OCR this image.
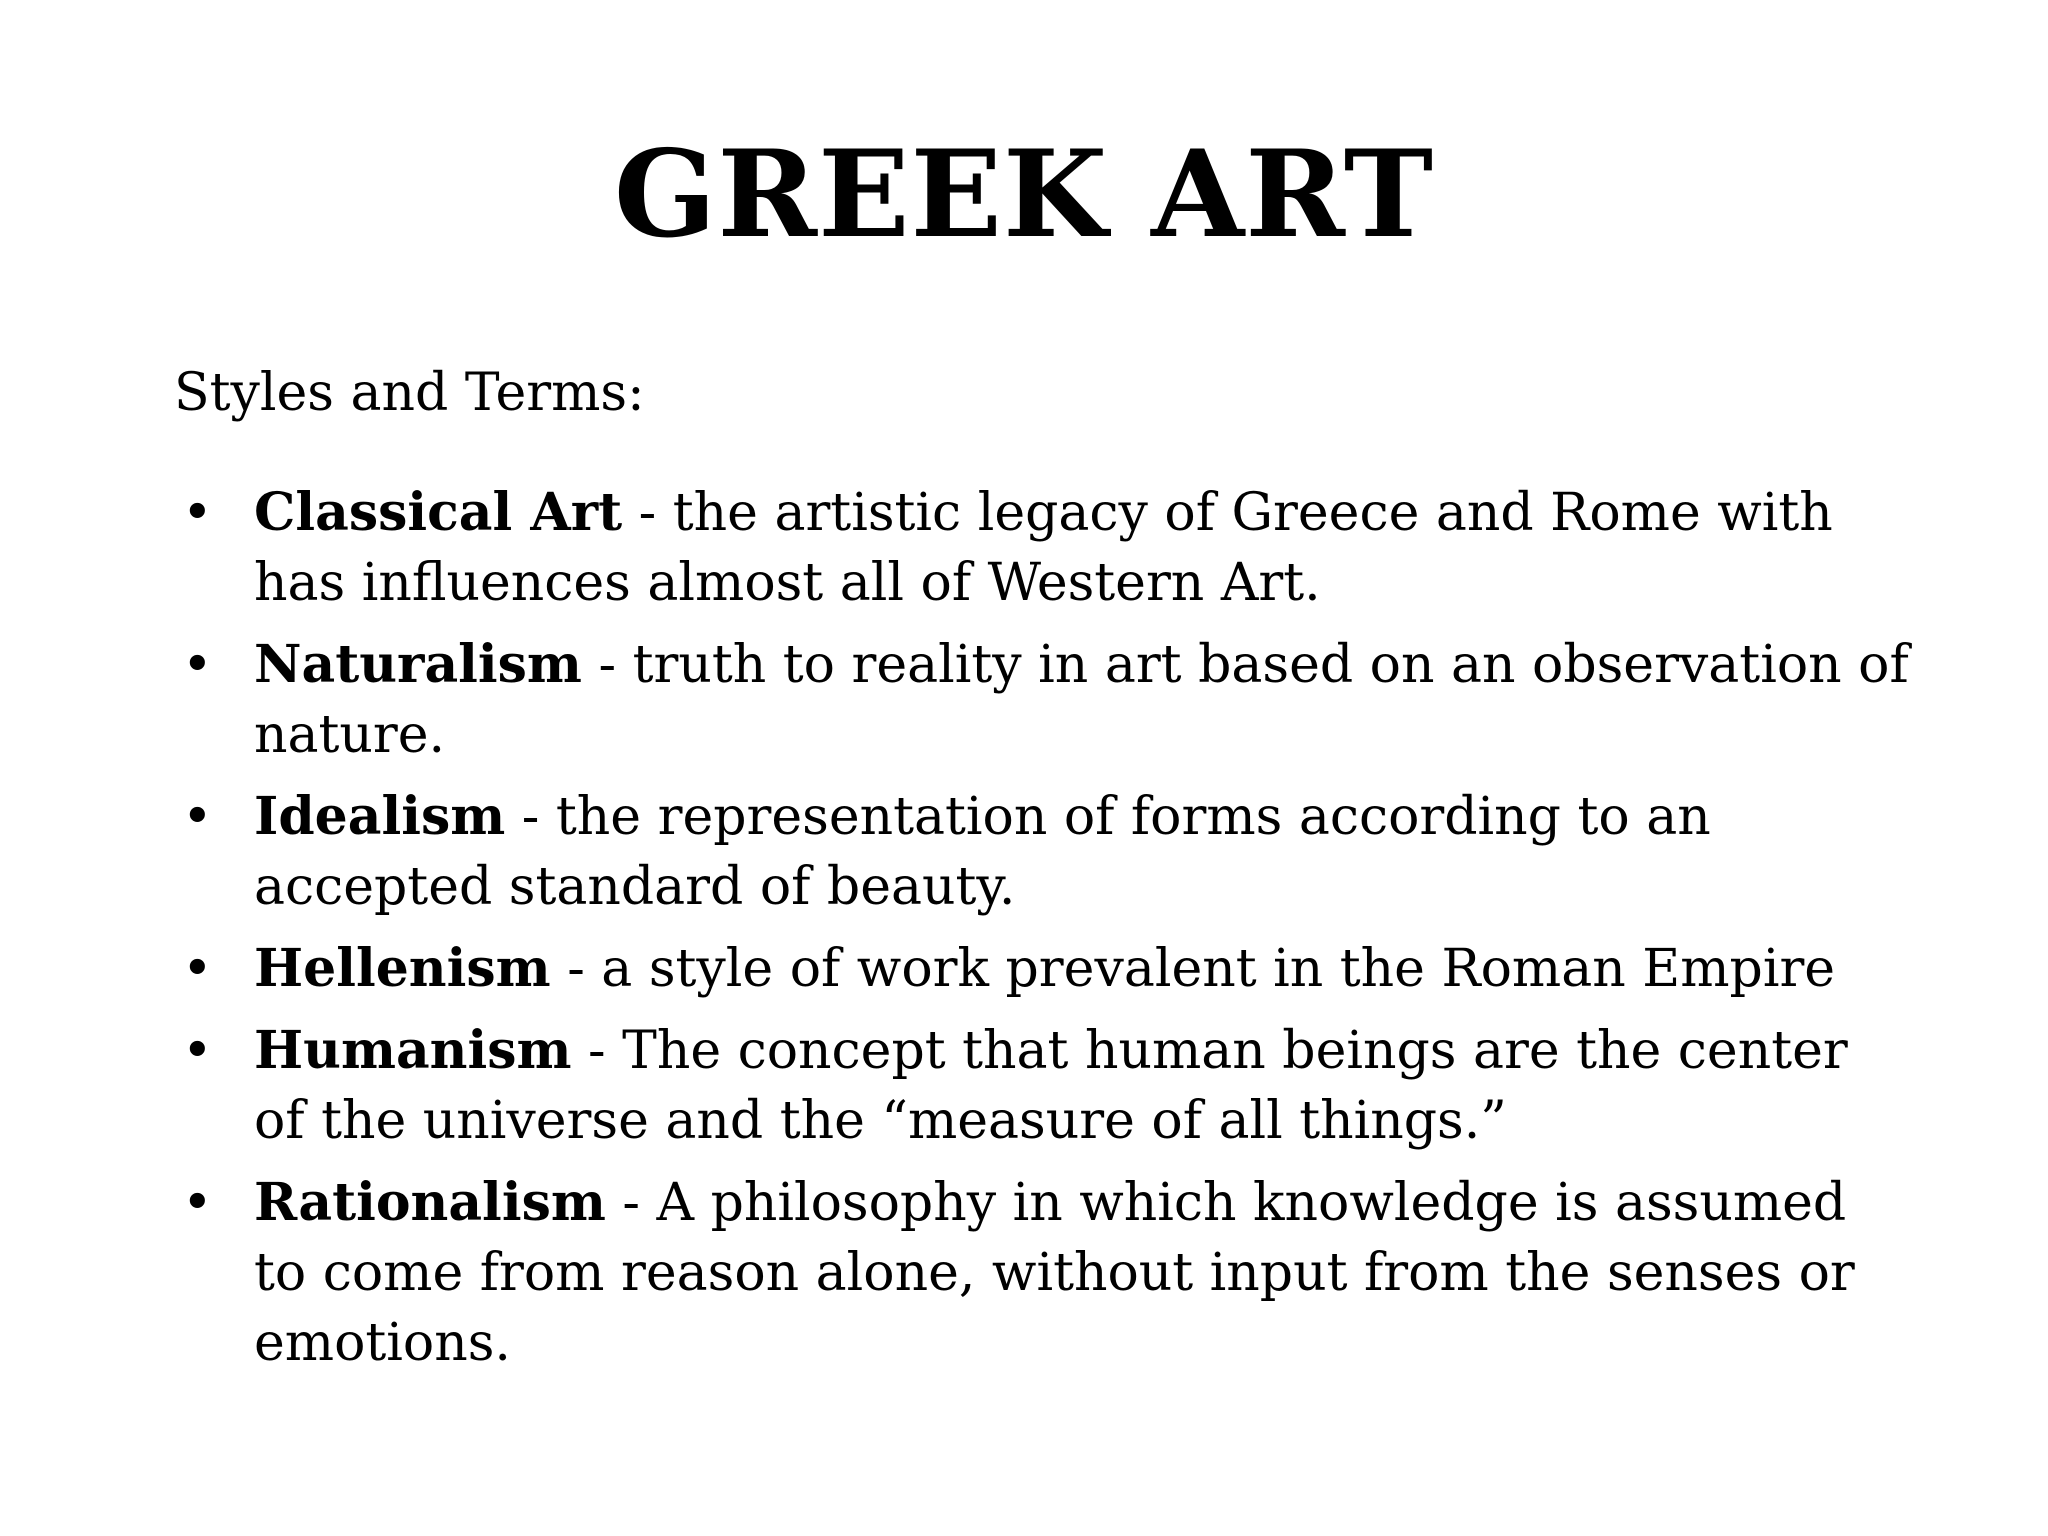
GREEK ART
Styles and Terms:
• Classical Art - the artistic legacy of Greece and Rome with has influences almost all of Western Art.
• Naturalism - truth to reality in art based on an observation of nature.
• Idealism - the representation of forms according to an accepted standard of beauty.
• Hellenism - a style of work prevalent in the Roman Empire
• Humanism - The concept that human beings are the center of the universe and the “measure of all things.”
• Rationalism - A philosophy in which knowledge is assumed to come from reason alone, without input from the senses or emotions.
